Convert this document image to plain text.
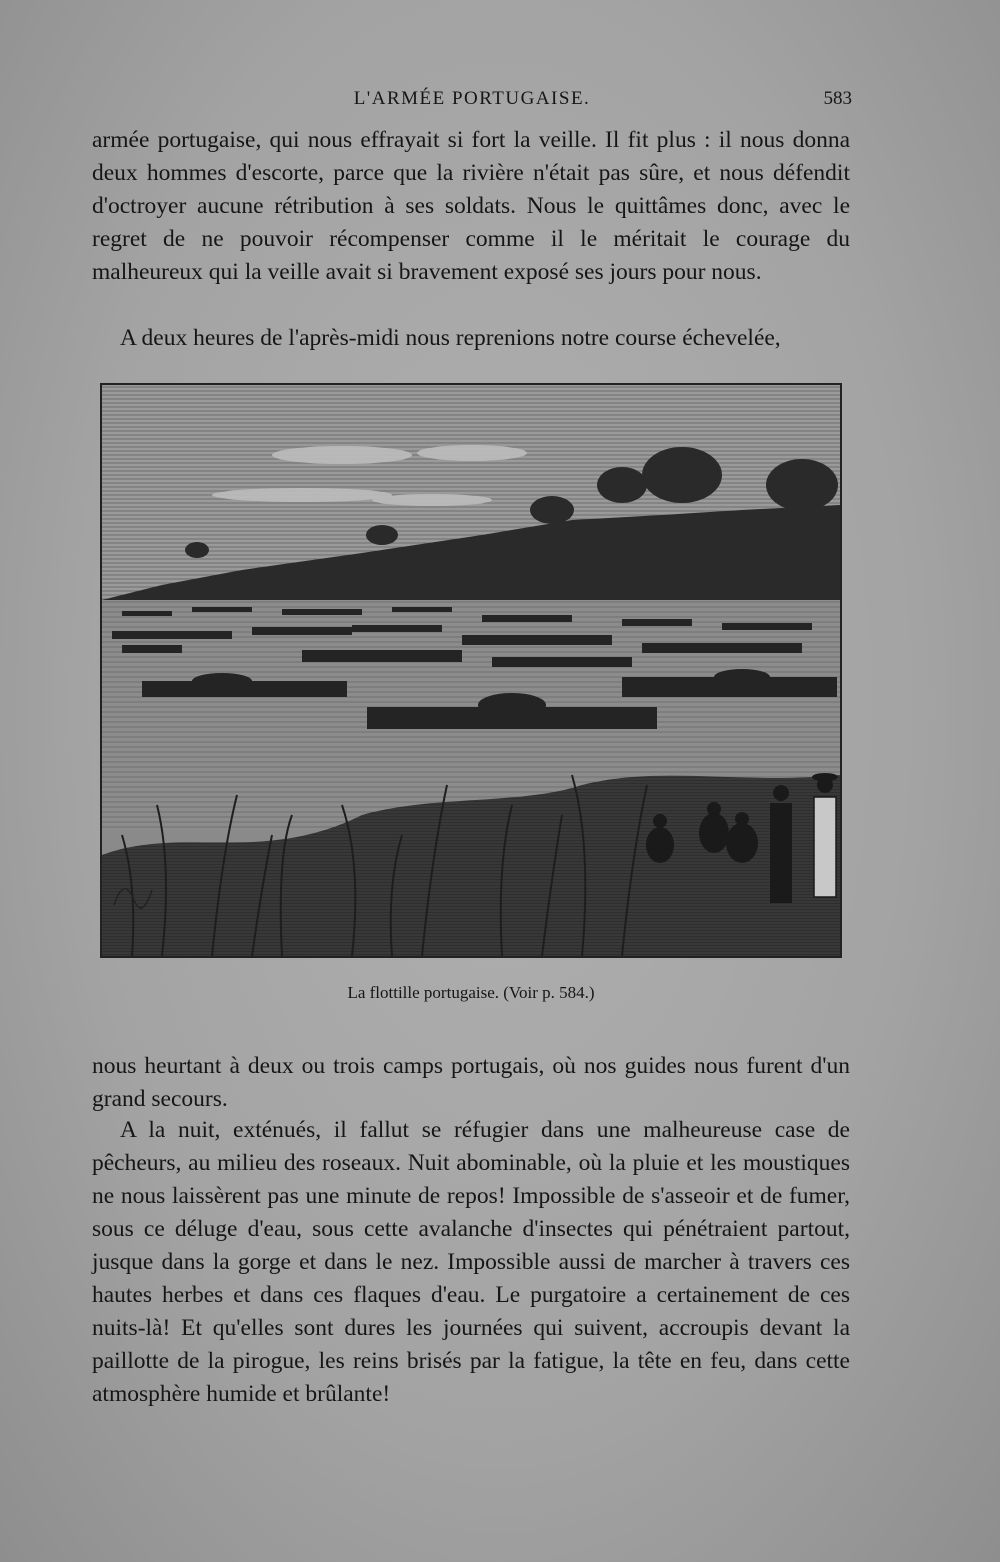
L'ARMÉE PORTUGAISE.	583

armée portugaise, qui nous effrayait si fort la veille. Il fit plus : il nous donna deux hommes d'escorte, parce que la rivière n'était pas sûre, et nous défendit d'octroyer aucune rétribution à ses soldats. Nous le quittâmes donc, avec le regret de ne pouvoir récompenser comme il le méritait le courage du malheureux qui la veille avait si bravement exposé ses jours pour nous.

A deux heures de l'après-midi nous reprenions notre course échevelée,

La flottille portugaise. (Voir p. 584.)

nous heurtant à deux ou trois camps portugais, où nos guides nous furent d'un grand secours.

A la nuit, exténués, il fallut se réfugier dans une malheureuse case de pêcheurs, au milieu des roseaux. Nuit abominable, où la pluie et les moustiques ne nous laissèrent pas une minute de repos! Impossible de s'asseoir et de fumer, sous ce déluge d'eau, sous cette avalanche d'insectes qui pénétraient partout, jusque dans la gorge et dans le nez. Impossible aussi de marcher à travers ces hautes herbes et dans ces flaques d'eau. Le purgatoire a certainement de ces nuits-là! Et qu'elles sont dures les journées qui suivent, accroupis devant la paillotte de la pirogue, les reins brisés par la fatigue, la tête en feu, dans cette atmosphère humide et brûlante!
